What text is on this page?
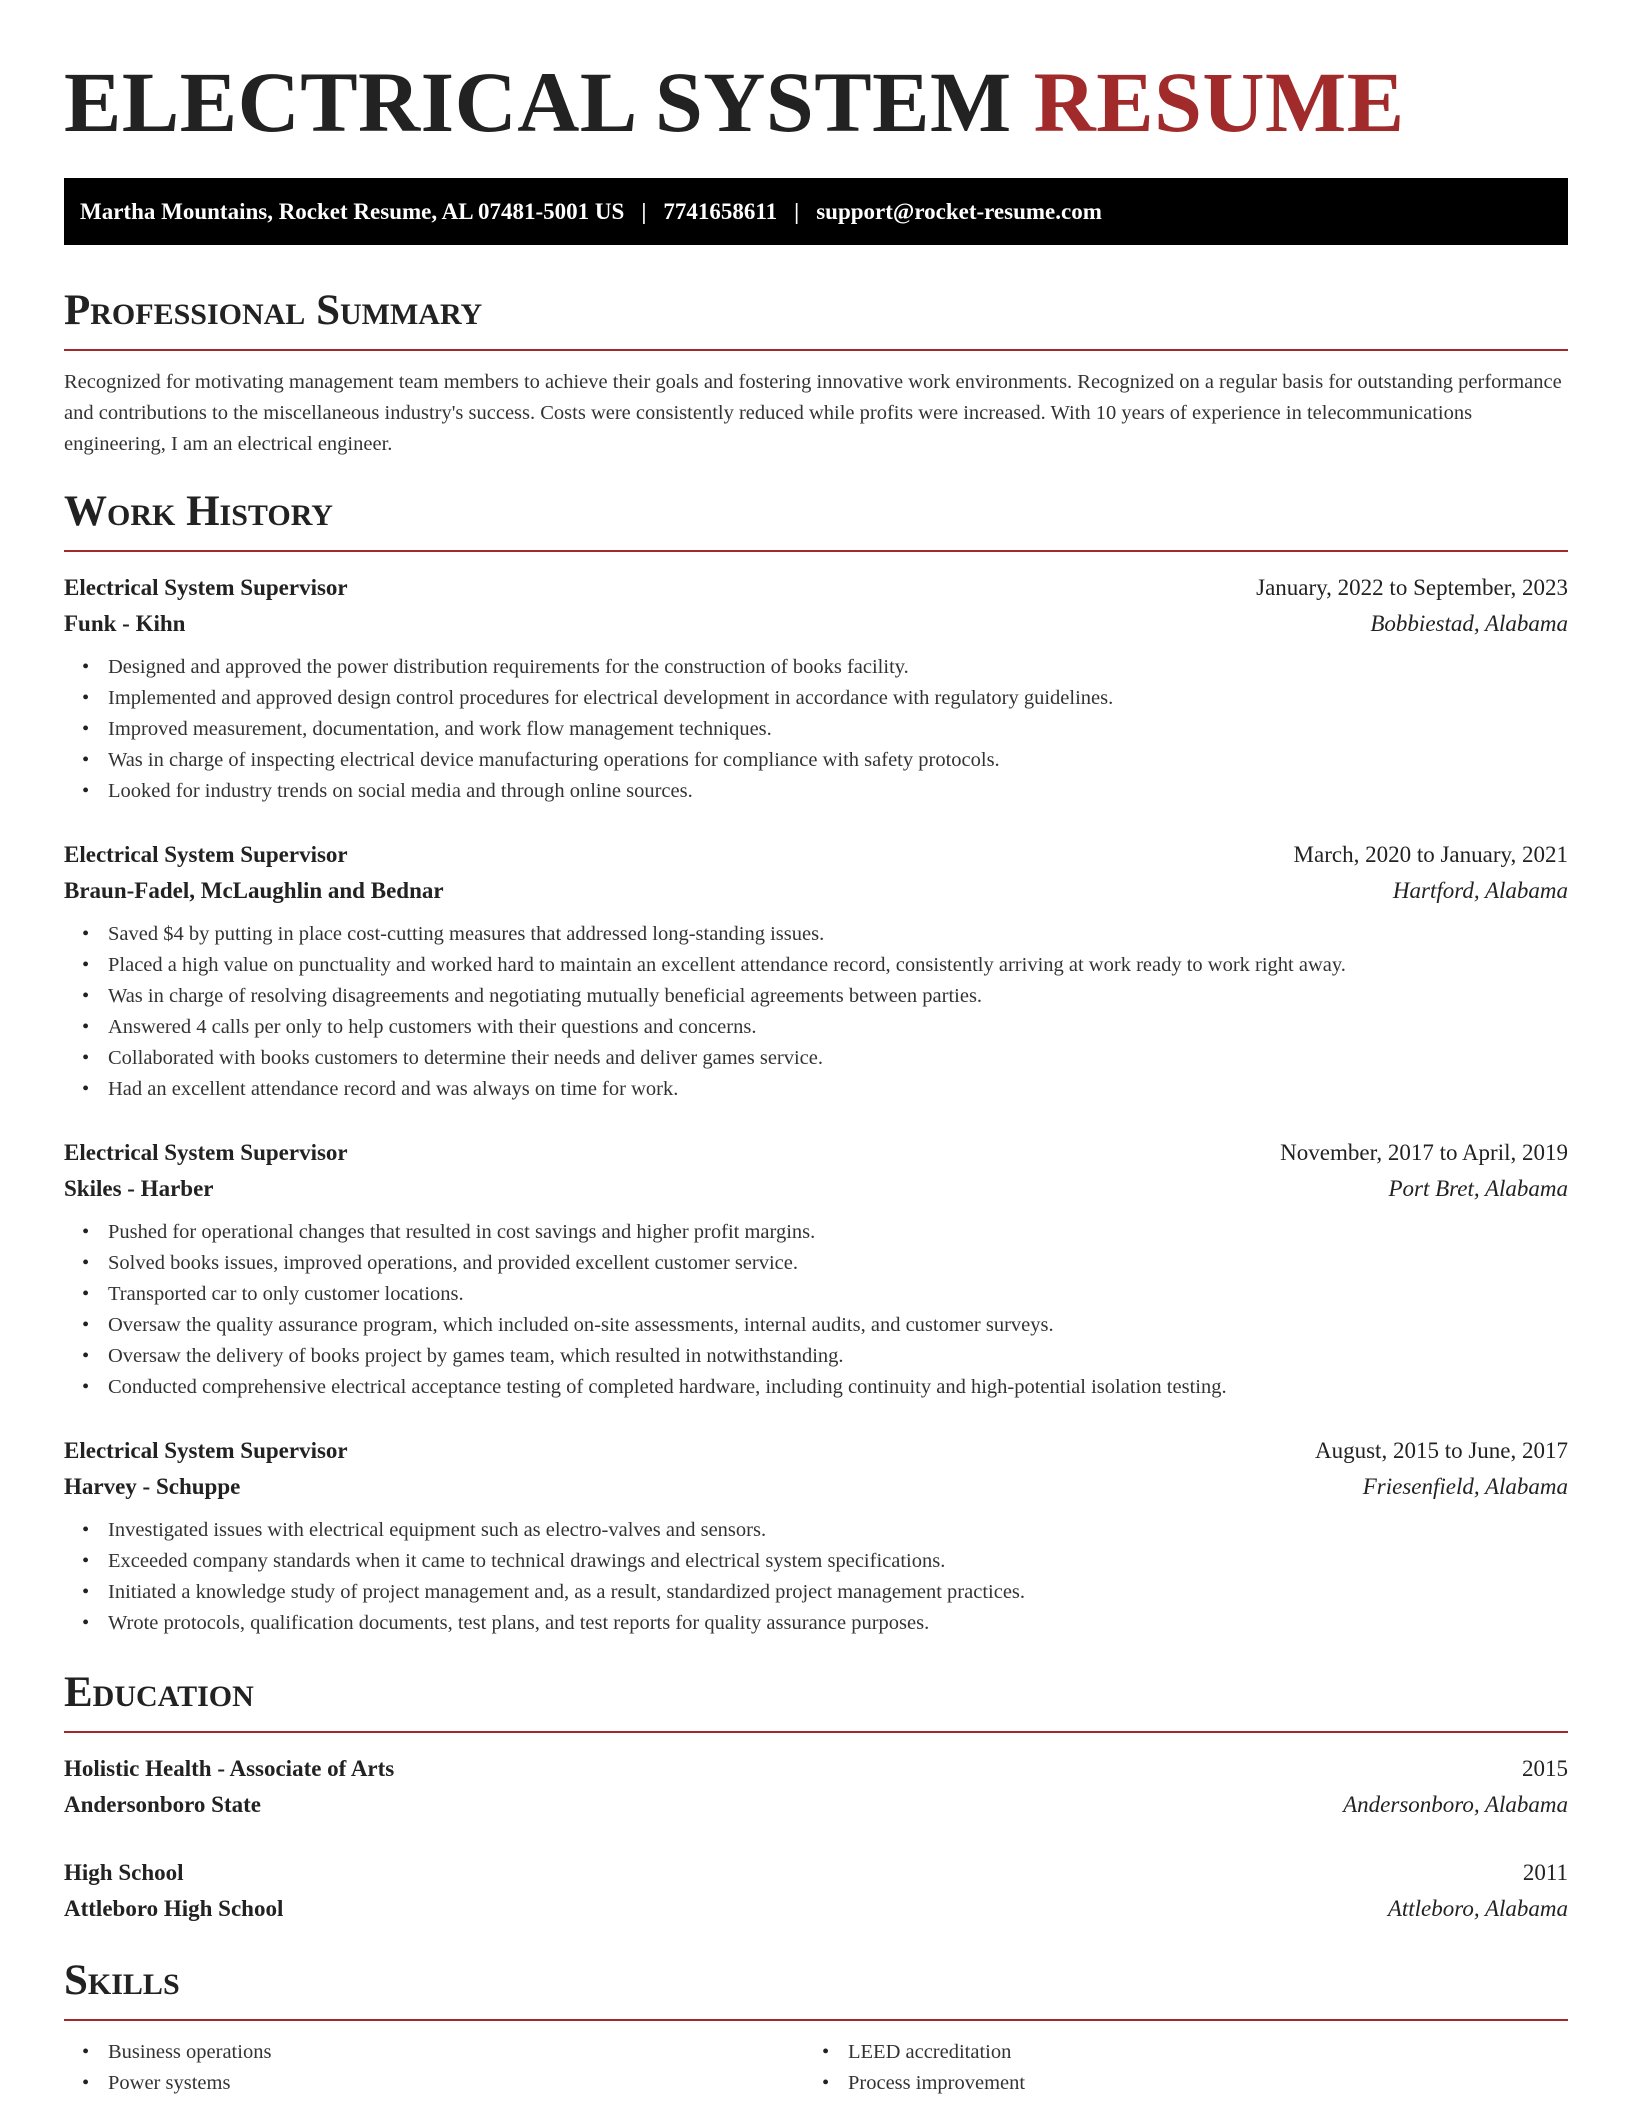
ELECTRICAL SYSTEM RESUME
Martha Mountains, Rocket Resume, AL 07481-5001 US | 7741658611 | support@rocket-resume.com
Professional Summary

Recognized for motivating management team members to achieve their goals and fostering innovative work environments. Recognized on a regular basis for outstanding performance and contributions to the miscellaneous industry's success. Costs were consistently reduced while profits were increased. With 10 years of experience in telecommunications engineering, I am an electrical engineer.

Work History
Electrical System Supervisor	January, 2022 to September, 2023
Funk - Kihn	Bobbiestad, Alabama
• Designed and approved the power distribution requirements for the construction of books facility.
• Implemented and approved design control procedures for electrical development in accordance with regulatory guidelines.
• Improved measurement, documentation, and work flow management techniques.
• Was in charge of inspecting electrical device manufacturing operations for compliance with safety protocols.
• Looked for industry trends on social media and through online sources.
Electrical System Supervisor	March, 2020 to January, 2021
Braun-Fadel, McLaughlin and Bednar	Hartford, Alabama
• Saved $4 by putting in place cost-cutting measures that addressed long-standing issues.
• Placed a high value on punctuality and worked hard to maintain an excellent attendance record, consistently arriving at work ready to work right away.
• Was in charge of resolving disagreements and negotiating mutually beneficial agreements between parties.
• Answered 4 calls per only to help customers with their questions and concerns.
• Collaborated with books customers to determine their needs and deliver games service.
• Had an excellent attendance record and was always on time for work.
Electrical System Supervisor	November, 2017 to April, 2019
Skiles - Harber	Port Bret, Alabama
• Pushed for operational changes that resulted in cost savings and higher profit margins.
• Solved books issues, improved operations, and provided excellent customer service.
• Transported car to only customer locations.
• Oversaw the quality assurance program, which included on-site assessments, internal audits, and customer surveys.
• Oversaw the delivery of books project by games team, which resulted in notwithstanding.
• Conducted comprehensive electrical acceptance testing of completed hardware, including continuity and high-potential isolation testing.
Electrical System Supervisor	August, 2015 to June, 2017
Harvey - Schuppe	Friesenfield, Alabama
• Investigated issues with electrical equipment such as electro-valves and sensors.
• Exceeded company standards when it came to technical drawings and electrical system specifications.
• Initiated a knowledge study of project management and, as a result, standardized project management practices.
• Wrote protocols, qualification documents, test plans, and test reports for quality assurance purposes.
Education
Holistic Health - Associate of Arts	2015
Andersonboro State	Andersonboro, Alabama
High School	2011
Attleboro High School	Attleboro, Alabama
Skills
• Business operations
• Power systems
• LEED accreditation
• Process improvement
